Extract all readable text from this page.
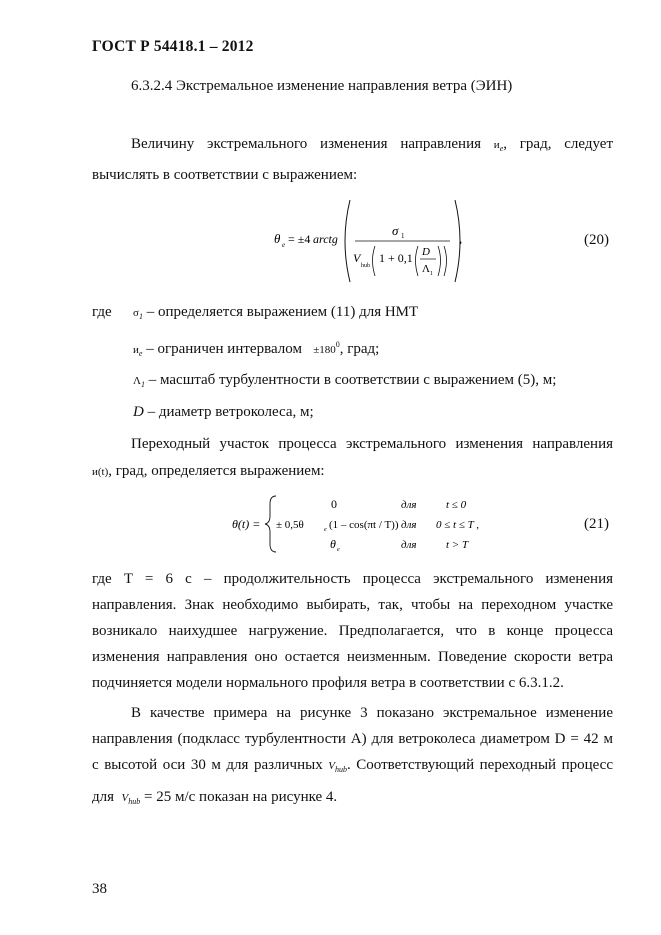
ГОСТ Р 54418.1 – 2012
6.3.2.4 Экстремальное изменение направления ветра (ЭИН)
Величину экстремального изменения направления $и_e$, град, следует
вычислять в соответствии с выражением:
θ e = ±4 arctg
σ 1
V
hub
1 + 0,1 D
Λ 1
,	(20)
где $\sigma_1$ – определяется выражением (11) для НМТ
$и_e$ – ограничен интервалом $\pm 180^0$, град;
$\Lambda_1$ – масштаб турбулентности в соответствии с выражением (5), м;
D – диаметр ветроколеса, м;
Переходный участок процесса экстремального изменения направления
и(t), град, определяется выражением:
θ(t) =
0	для	t ≤ 0
± 0,5θ	e (1 – cos(πt / T)) для 0 ≤ t ≤ T ,
θ e	для	t > T
(21)
где T = 6 с – продолжительность процесса экстремального изменения
направления. Знак необходимо выбирать, так, чтобы на переходном участке
возникало наихудшее нагружение. Предполагается, что в конце процесса
изменения направления оно остается неизменным. Поведение скорости ветра
подчиняется модели нормального профиля ветра в соответствии с 6.3.1.2.
В качестве примера на рисунке 3 показано экстремальное изменение
направления (подкласс турбулентности А) для ветроколеса диаметром D = 42 м
с высотой оси 30 м для различных $V_{hub}$. Соответствующий переходный процесс
для $V_{hub} = 25$ м/с показан на рисунке 4.
38
